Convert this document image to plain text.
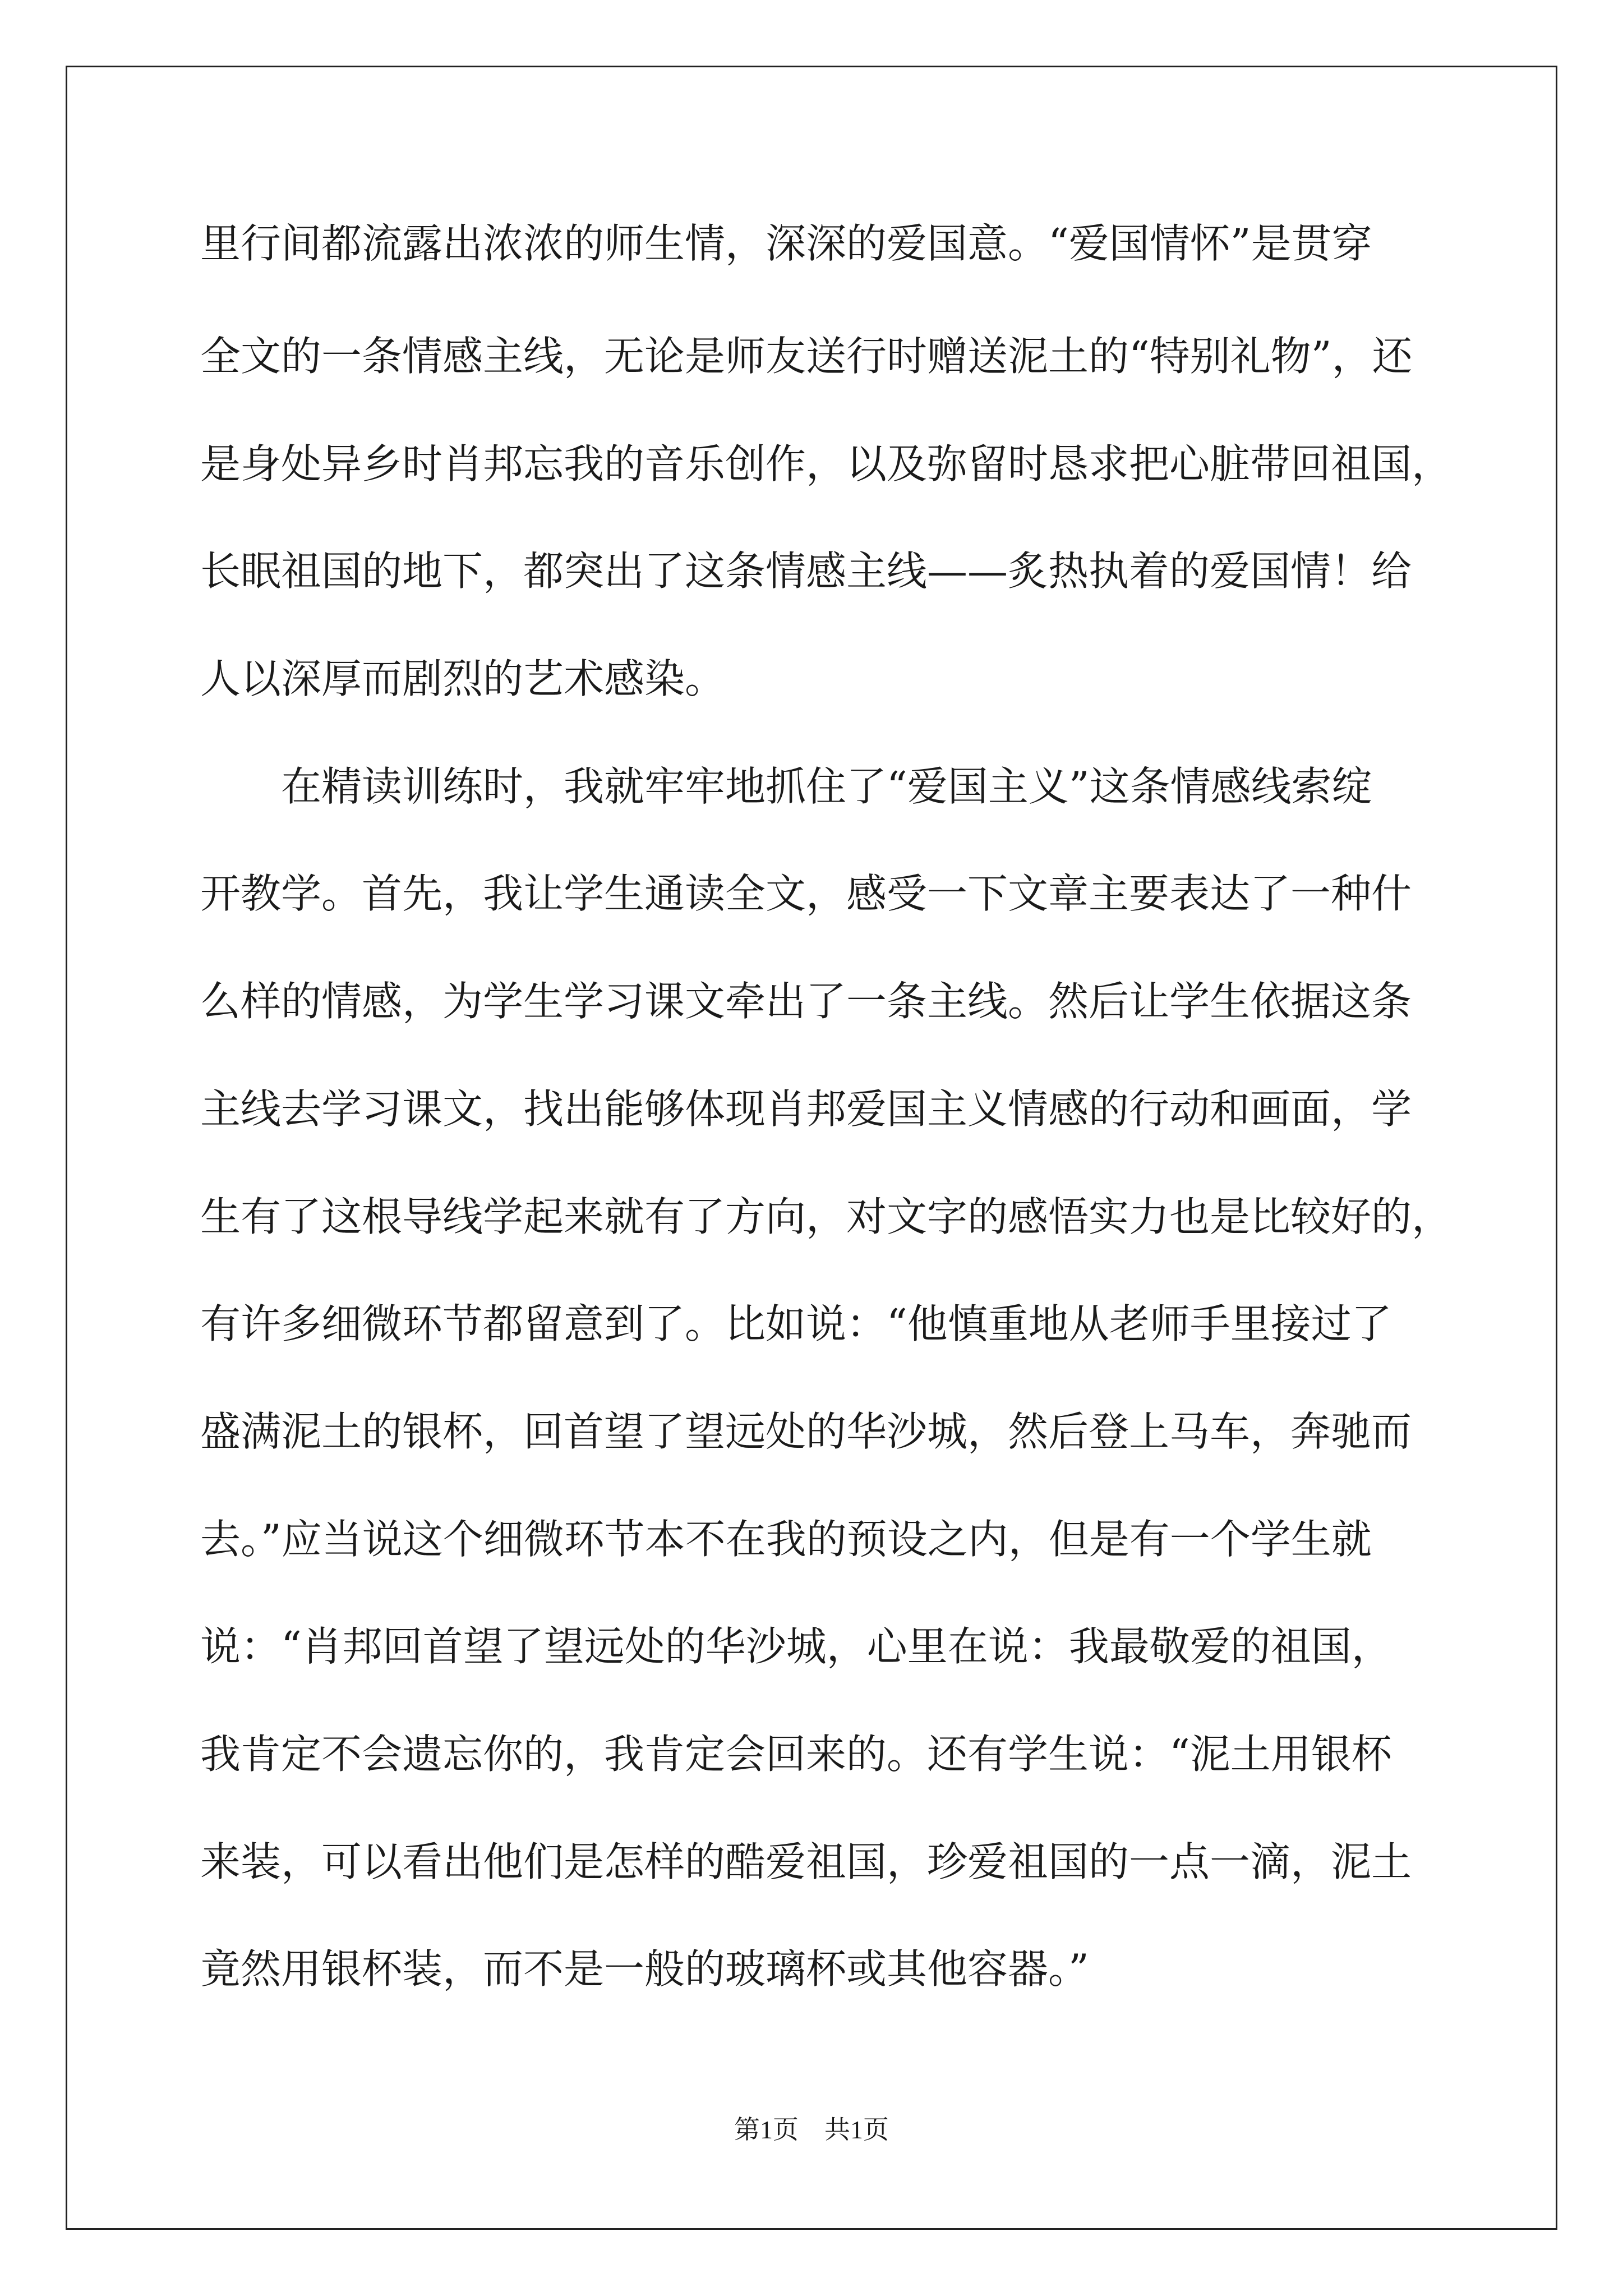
里行间都流露出浓浓的师生情，深深的爱国意。“爱国情怀”是贯穿
全文的一条情感主线，无论是师友送行时赠送泥土的“特别礼物”，还
是身处异乡时肖邦忘我的音乐创作，以及弥留时恳求把心脏带回祖国，
长眠祖国的地下，都突出了这条情感主线——炙热执着的爱国情！给
人以深厚而剧烈的艺术感染。
在精读训练时，我就牢牢地抓住了“爱国主义”这条情感线索绽
开教学。首先，我让学生通读全文，感受一下文章主要表达了一种什
么样的情感，为学生学习课文牵出了一条主线。然后让学生依据这条
主线去学习课文，找出能够体现肖邦爱国主义情感的行动和画面，学
生有了这根导线学起来就有了方向，对文字的感悟实力也是比较好的，
有许多细微环节都留意到了。比如说：“他慎重地从老师手里接过了
盛满泥土的银杯，回首望了望远处的华沙城，然后登上马车，奔驰而
去。”应当说这个细微环节本不在我的预设之内，但是有一个学生就
说：“肖邦回首望了望远处的华沙城，心里在说：我最敬爱的祖国，
我肯定不会遗忘你的，我肯定会回来的。还有学生说：“泥土用银杯
来装，可以看出他们是怎样的酷爱祖国，珍爱祖国的一点一滴，泥土
竟然用银杯装，而不是一般的玻璃杯或其他容器。”
第1页　共1页
